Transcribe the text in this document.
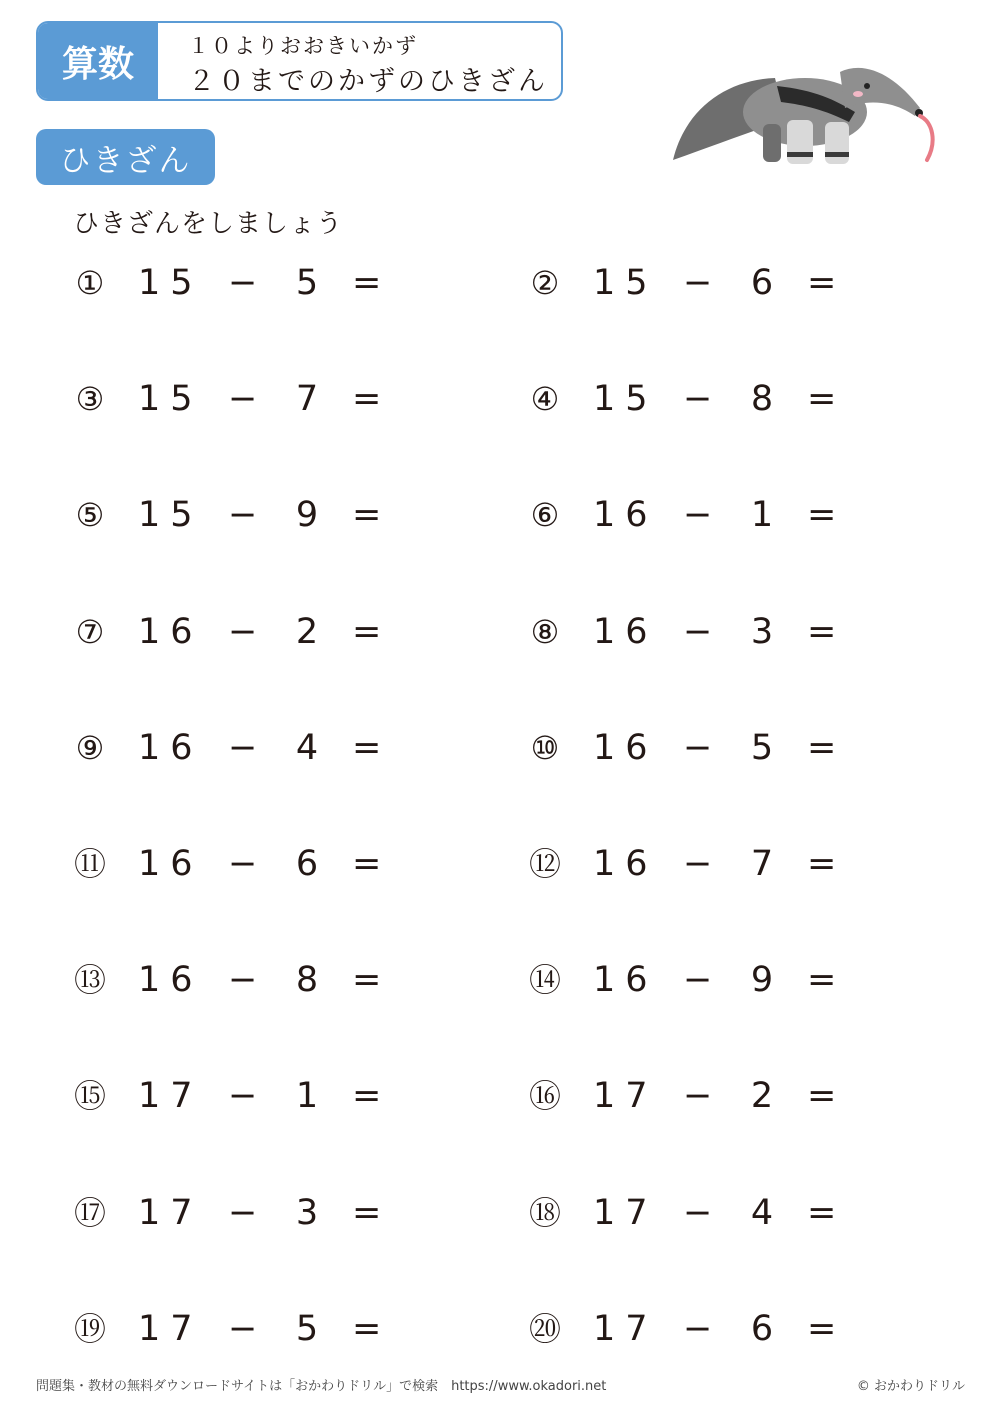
算数	１０よりおおきいかず
２０までのかずのひきざん
ひきざん
ひきざんをしましょう
① 15 − 5 =	② 15 − 6 =
③ 15 − 7 =	④ 15 − 8 =
⑤ 15 − 9 =	⑥ 16 − 1 =
⑦ 16 − 2 =	⑧ 16 − 3 =
⑨ 16 − 4 =	⑩ 16 − 5 =
⑪ 16 − 6 =	⑫ 16 − 7 =
⑬ 16 − 8 =	⑭ 16 − 9 =
⑮ 17 − 1 =	⑯ 17 − 2 =
⑰ 17 − 3 =	⑱ 17 − 4 =
⑲ 17 − 5 =	⑳ 17 − 6 =
問題集・教材の無料ダウンロードサイトは「おかわりドリル」で検索　https://www.okadori.net	© おかわりドリル
